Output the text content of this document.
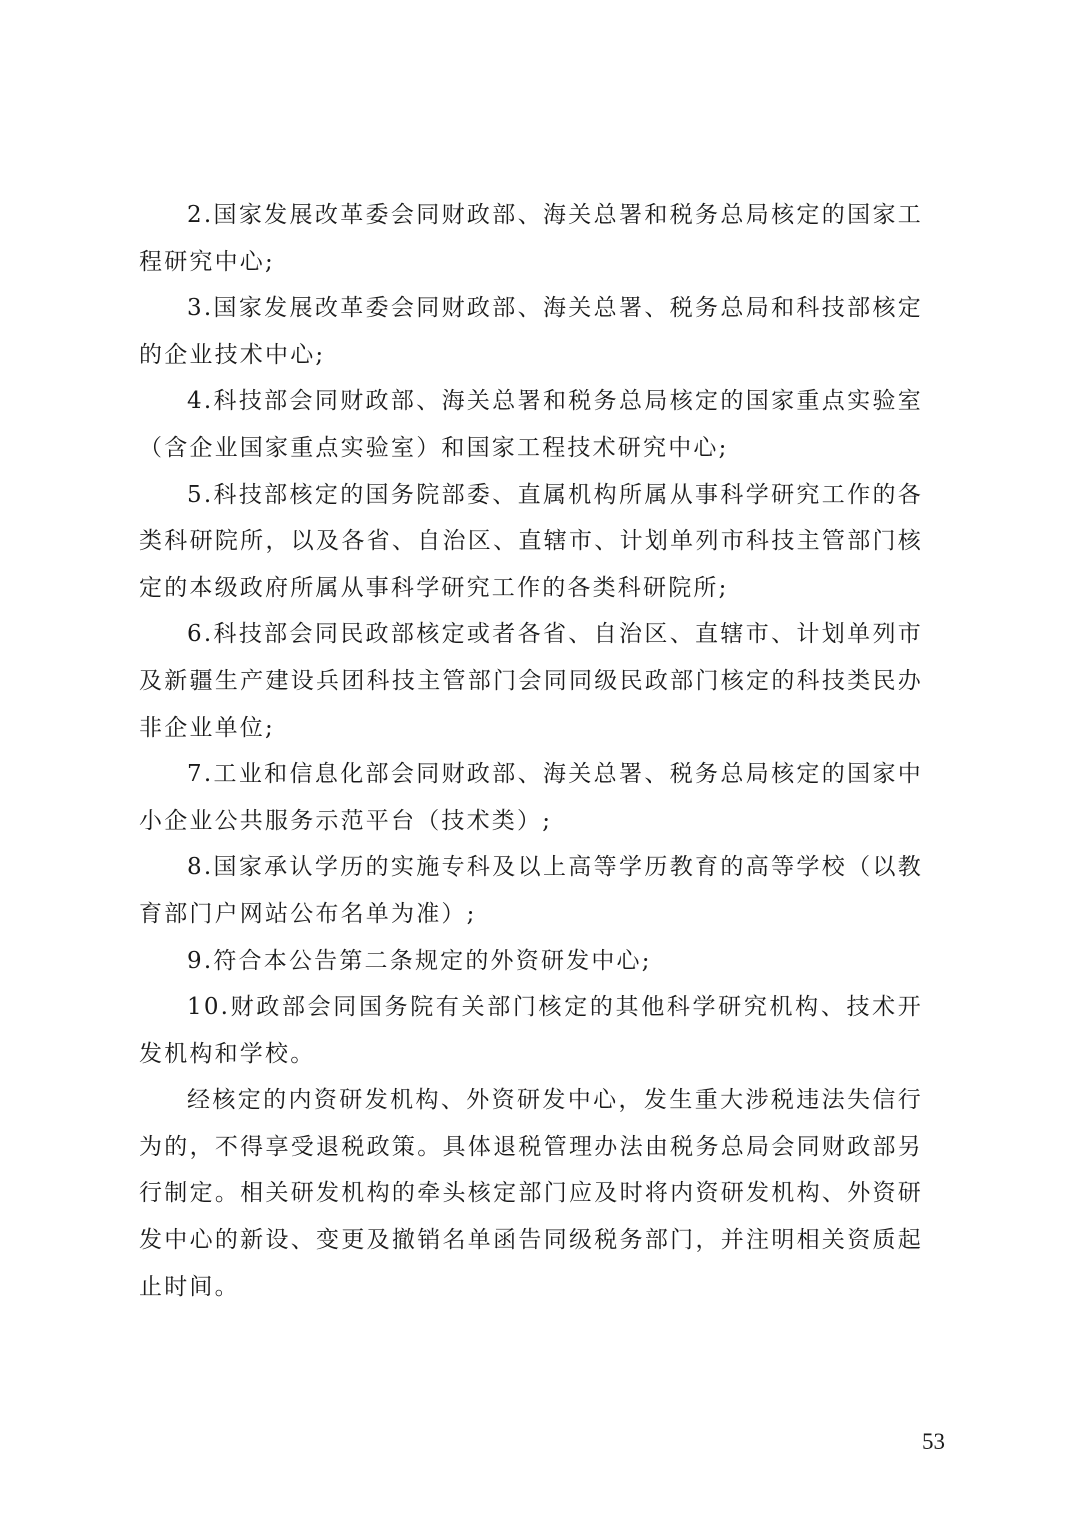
2.国家发展改革委会同财政部、海关总署和税务总局核定的国家工程研究中心;

3.国家发展改革委会同财政部、海关总署、税务总局和科技部核定的企业技术中心;

4.科技部会同财政部、海关总署和税务总局核定的国家重点实验室（含企业国家重点实验室）和国家工程技术研究中心;

5.科技部核定的国务院部委、直属机构所属从事科学研究工作的各类科研院所，以及各省、自治区、直辖市、计划单列市科技主管部门核定的本级政府所属从事科学研究工作的各类科研院所;

6.科技部会同民政部核定或者各省、自治区、直辖市、计划单列市及新疆生产建设兵团科技主管部门会同同级民政部门核定的科技类民办非企业单位;

7.工业和信息化部会同财政部、海关总署、税务总局核定的国家中小企业公共服务示范平台（技术类）;

8.国家承认学历的实施专科及以上高等学历教育的高等学校（以教育部门户网站公布名单为准）;

9.符合本公告第二条规定的外资研发中心;

10.财政部会同国务院有关部门核定的其他科学研究机构、技术开发机构和学校。

经核定的内资研发机构、外资研发中心，发生重大涉税违法失信行为的，不得享受退税政策。具体退税管理办法由税务总局会同财政部另行制定。相关研发机构的牵头核定部门应及时将内资研发机构、外资研发中心的新设、变更及撤销名单函告同级税务部门，并注明相关资质起止时间。

53
